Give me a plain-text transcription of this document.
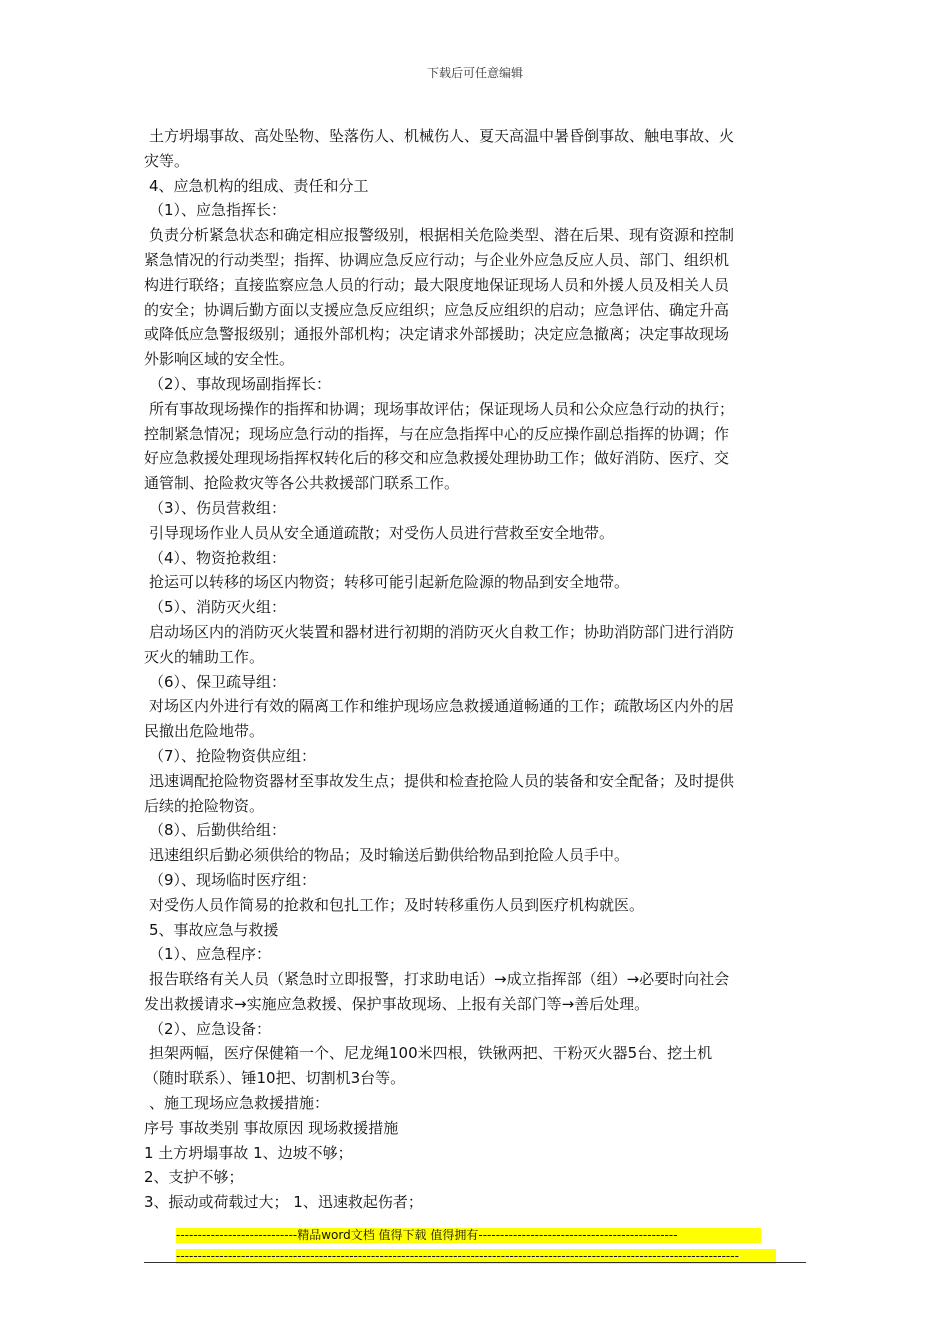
下载后可任意编辑

土方坍塌事故、高处坠物、坠落伤人、机械伤人、夏天高温中暑昏倒事故、触电事故、火

灾等。

4、应急机构的组成、责任和分工

（1）、应急指挥长：

负责分析紧急状态和确定相应报警级别，根据相关危险类型、潜在后果、现有资源和控制

紧急情况的行动类型；指挥、协调应急反应行动；与企业外应急反应人员、部门、组织机

构进行联络；直接监察应急人员的行动；最大限度地保证现场人员和外援人员及相关人员

的安全；协调后勤方面以支援应急反应组织；应急反应组织的启动；应急评估、确定升高

或降低应急警报级别；通报外部机构；决定请求外部援助；决定应急撤离；决定事故现场

外影响区域的安全性。

（2）、事故现场副指挥长：

所有事故现场操作的指挥和协调；现场事故评估；保证现场人员和公众应急行动的执行；

控制紧急情况；现场应急行动的指挥，与在应急指挥中心的反应操作副总指挥的协调；作

好应急救援处理现场指挥权转化后的移交和应急救援处理协助工作；做好消防、医疗、交

通管制、抢险救灾等各公共救援部门联系工作。

（3）、伤员营救组：

引导现场作业人员从安全通道疏散；对受伤人员进行营救至安全地带。

（4）、物资抢救组：

抢运可以转移的场区内物资；转移可能引起新危险源的物品到安全地带。

（5）、消防灭火组：

启动场区内的消防灭火装置和器材进行初期的消防灭火自救工作；协助消防部门进行消防

灭火的辅助工作。

（6）、保卫疏导组：

对场区内外进行有效的隔离工作和维护现场应急救援通道畅通的工作；疏散场区内外的居

民撤出危险地带。

（7）、抢险物资供应组：

迅速调配抢险物资器材至事故发生点；提供和检查抢险人员的装备和安全配备；及时提供

后续的抢险物资。

（8）、后勤供给组：

迅速组织后勤必须供给的物品；及时输送后勤供给物品到抢险人员手中。

（9）、现场临时医疗组：

对受伤人员作简易的抢救和包扎工作；及时转移重伤人员到医疗机构就医。

5、事故应急与救援

（1）、应急程序：

报告联络有关人员（紧急时立即报警，打求助电话）→成立指挥部（组）→必要时向社会

发出救援请求→实施应急救援、保护事故现场、上报有关部门等→善后处理。

（2）、应急设备：

担架两幅，医疗保健箱一个、尼龙绳100米四根，铁锹两把、干粉灭火器5台、挖土机

（随时联系）、锤10把、切割机3台等。

、施工现场应急救援措施：

序号 事故类别 事故原因 现场救援措施

1 土方坍塌事故 1、边坡不够；

2、支护不够；

3、振动或荷载过大； 1、迅速救起伤者；

----------------------------精品word文档 值得下载 值得拥有----------------------------------------------
----------------------------------------------------------------------------------------------------------------------------------
